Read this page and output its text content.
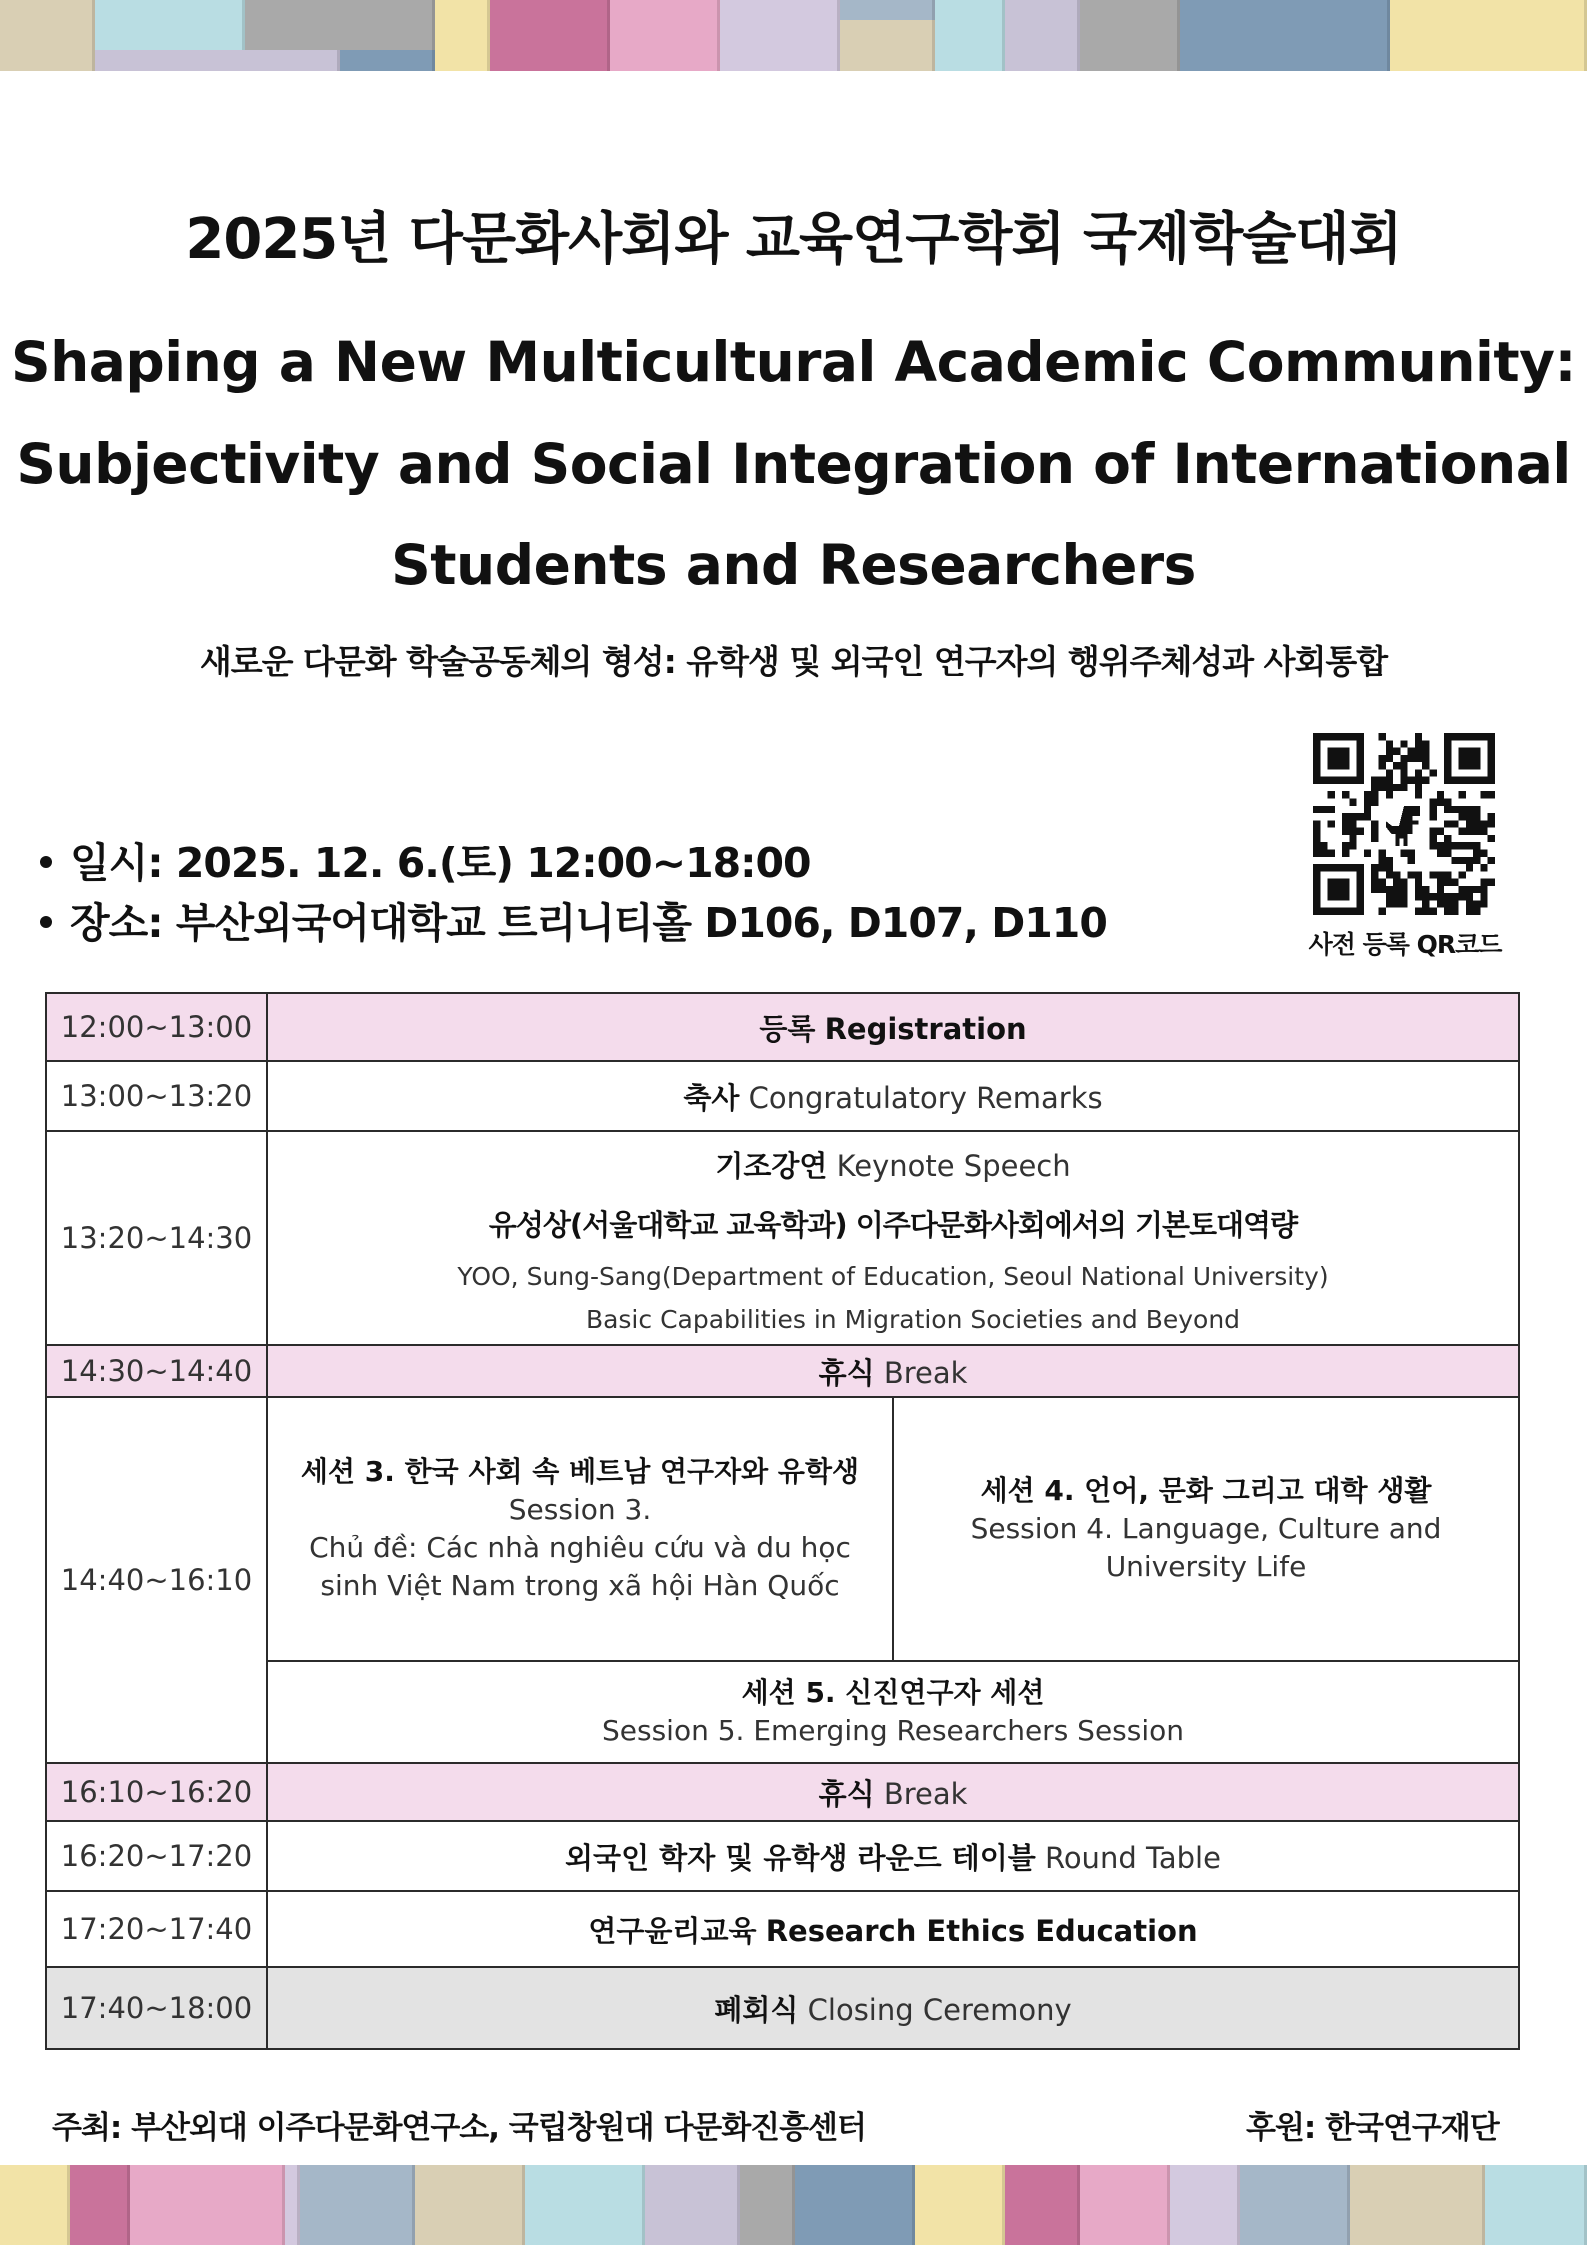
2025년 다문화사회와 교육연구학회 국제학술대회
Shaping a New Multicultural Academic Community:
Subjectivity and Social Integration of International
Students and Researchers
새로운 다문화 학술공동체의 형성: 유학생 및 외국인 연구자의 행위주체성과 사회통합
일시: 2025. 12. 6.(토) 12:00~18:00
장소: 부산외국어대학교 트리니티홀 D106, D107, D110	사전 등록 QR코드
12:00~13:00	등록 Registration	
13:00~13:20	축사 Congratulatory Remarks	
13:20~14:30	기조강연 Keynote Speech
유성상(서울대학교 교육학과) 이주다문화사회에서의 기본토대역량
YOO, Sung-Sang(Department of Education, Seoul National University)
Basic Capabilities in Migration Societies and Beyond	

14:30~14:40	휴식 Break	
14:40~16:10	세션 3. 한국 사회 속 베트남 연구자와 유학생
Session 3.
Chủ đề: Các nhà nghiêu cứu và du học
sinh Việt Nam trong xã hội Hàn Quốc	세션 4. 언어, 문화 그리고 대학 생활
Session 4. Language, Culture and
University Life

	세션 5. 신진연구자 세션
Session 5. Emerging Researchers Session	

16:10~16:20	휴식 Break	
16:20~17:20	외국인 학자 및 유학생 라운드 테이블 Round Table	
17:20~17:40	연구윤리교육 Research Ethics Education	
17:40~18:00	폐회식 Closing Ceremony	
주최: 부산외대 이주다문화연구소, 국립창원대 다문화진흥센터	후원: 한국연구재단
